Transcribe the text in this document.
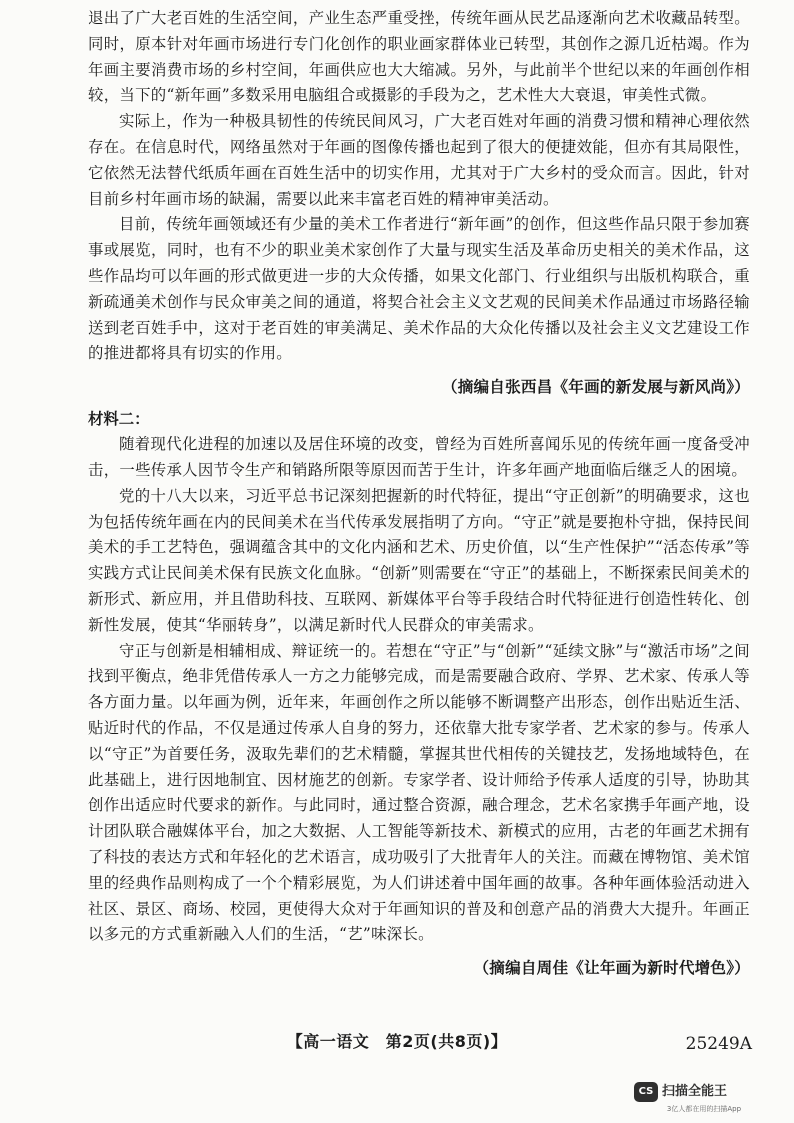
退出了广大老百姓的生活空间，产业生态严重受挫，传统年画从民艺品逐渐向艺术收藏品转型。同时，原本针对年画市场进行专门化创作的职业画家群体业已转型，其创作之源几近枯竭。作为年画主要消费市场的乡村空间，年画供应也大大缩减。另外，与此前半个世纪以来的年画创作相较，当下的“新年画”多数采用电脑组合或摄影的手段为之，艺术性大大衰退，审美性式微。

实际上，作为一种极具韧性的传统民间风习，广大老百姓对年画的消费习惯和精神心理依然存在。在信息时代，网络虽然对于年画的图像传播也起到了很大的便捷效能，但亦有其局限性，它依然无法替代纸质年画在百姓生活中的切实作用，尤其对于广大乡村的受众而言。因此，针对目前乡村年画市场的缺漏，需要以此来丰富老百姓的精神审美活动。

目前，传统年画领域还有少量的美术工作者进行“新年画”的创作，但这些作品只限于参加赛事或展览，同时，也有不少的职业美术家创作了大量与现实生活及革命历史相关的美术作品，这些作品均可以年画的形式做更进一步的大众传播，如果文化部门、行业组织与出版机构联合，重新疏通美术创作与民众审美之间的通道，将契合社会主义文艺观的民间美术作品通过市场路径输送到老百姓手中，这对于老百姓的审美满足、美术作品的大众化传播以及社会主义文艺建设工作的推进都将具有切实的作用。

（摘编自张西昌《年画的新发展与新风尚》）

材料二：

随着现代化进程的加速以及居住环境的改变，曾经为百姓所喜闻乐见的传统年画一度备受冲击，一些传承人因节令生产和销路所限等原因而苦于生计，许多年画产地面临后继乏人的困境。

党的十八大以来，习近平总书记深刻把握新的时代特征，提出“守正创新”的明确要求，这也为包括传统年画在内的民间美术在当代传承发展指明了方向。“守正”就是要抱朴守拙，保持民间美术的手工艺特色，强调蕴含其中的文化内涵和艺术、历史价值，以“生产性保护”“活态传承”等实践方式让民间美术保有民族文化血脉。“创新”则需要在“守正”的基础上，不断探索民间美术的新形式、新应用，并且借助科技、互联网、新媒体平台等手段结合时代特征进行创造性转化、创新性发展，使其“华丽转身”，以满足新时代人民群众的审美需求。

守正与创新是相辅相成、辩证统一的。若想在“守正”与“创新”“延续文脉”与“激活市场”之间找到平衡点，绝非凭借传承人一方之力能够完成，而是需要融合政府、学界、艺术家、传承人等各方面力量。以年画为例，近年来，年画创作之所以能够不断调整产出形态，创作出贴近生活、贴近时代的作品，不仅是通过传承人自身的努力，还依靠大批专家学者、艺术家的参与。传承人以“守正”为首要任务，汲取先辈们的艺术精髓，掌握其世代相传的关键技艺，发扬地域特色，在此基础上，进行因地制宜、因材施艺的创新。专家学者、设计师给予传承人适度的引导，协助其创作出适应时代要求的新作。与此同时，通过整合资源，融合理念，艺术名家携手年画产地，设计团队联合融媒体平台，加之大数据、人工智能等新技术、新模式的应用，古老的年画艺术拥有了科技的表达方式和年轻化的艺术语言，成功吸引了大批青年人的关注。而藏在博物馆、美术馆里的经典作品则构成了一个个精彩展览，为人们讲述着中国年画的故事。各种年画体验活动进入社区、景区、商场、校园，更使得大众对于年画知识的普及和创意产品的消费大大提升。年画正以多元的方式重新融入人们的生活，“艺”味深长。

（摘编自周佳《让年画为新时代增色》）

【高一语文　第2页(共8页)】	25249A
CS 扫描全能王
3亿人都在用的扫描App
